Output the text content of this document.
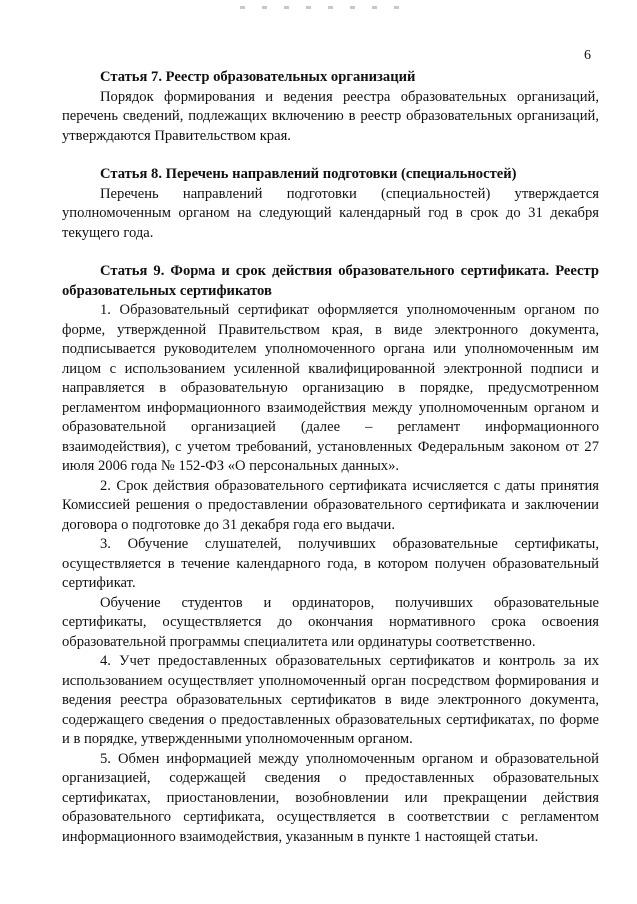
6

Статья 7. Реестр образовательных организаций

Порядок формирования и ведения реестра образовательных организаций, перечень сведений, подлежащих включению в реестр образовательных организаций, утверждаются Правительством края.

Статья 8. Перечень направлений подготовки (специальностей)

Перечень направлений подготовки (специальностей) утверждается уполномоченным органом на следующий календарный год в срок до 31 декабря текущего года.

Статья 9. Форма и срок действия образовательного сертификата. Реестр образовательных сертификатов

1. Образовательный сертификат оформляется уполномоченным органом по форме, утвержденной Правительством края, в виде электронного документа, подписывается руководителем уполномоченного органа или уполномоченным им лицом с использованием усиленной квалифицированной электронной подписи и направляется в образовательную организацию в порядке, предусмотренном регламентом информационного взаимодействия между уполномоченным органом и образовательной организацией (далее – регламент информационного взаимодействия), с учетом требований, установленных Федеральным законом от 27 июля 2006 года № 152-ФЗ «О персональных данных».

2. Срок действия образовательного сертификата исчисляется с даты принятия Комиссией решения о предоставлении образовательного сертификата и заключении договора о подготовке до 31 декабря года его выдачи.

3. Обучение слушателей, получивших образовательные сертификаты, осуществляется в течение календарного года, в котором получен образовательный сертификат.

Обучение студентов и ординаторов, получивших образовательные сертификаты, осуществляется до окончания нормативного срока освоения образовательной программы специалитета или ординатуры соответственно.

4. Учет предоставленных образовательных сертификатов и контроль за их использованием осуществляет уполномоченный орган посредством формирования и ведения реестра образовательных сертификатов в виде электронного документа, содержащего сведения о предоставленных образовательных сертификатах, по форме и в порядке, утвержденными уполномоченным органом.

5. Обмен информацией между уполномоченным органом и образовательной организацией, содержащей сведения о предоставленных образовательных сертификатах, приостановлении, возобновлении или прекращении действия образовательного сертификата, осуществляется в соответствии с регламентом информационного взаимодействия, указанным в пункте 1 настоящей статьи.
